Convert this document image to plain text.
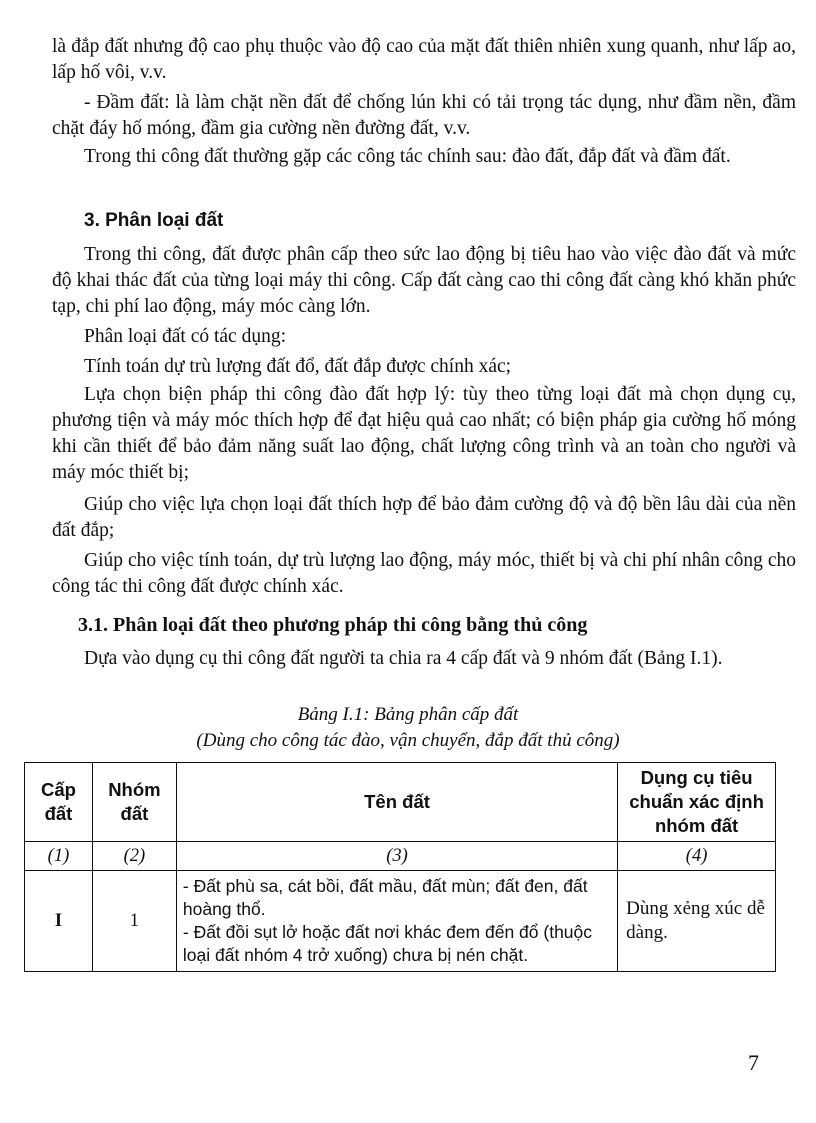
là đắp đất nhưng độ cao phụ thuộc vào độ cao của mặt đất thiên nhiên xung quanh, như lấp ao, lấp hố vôi, v.v.

- Đầm đất: là làm chặt nền đất để chống lún khi có tải trọng tác dụng, như đầm nền, đầm chặt đáy hố móng, đầm gia cường nền đường đất, v.v.

Trong thi công đất thường gặp các công tác chính sau: đào đất, đắp đất và đầm đất.

3. Phân loại đất

Trong thi công, đất được phân cấp theo sức lao động bị tiêu hao vào việc đào đất và mức độ khai thác đất của từng loại máy thi công. Cấp đất càng cao thi công đất càng khó khăn phức tạp, chi phí lao động, máy móc càng lớn.

Phân loại đất có tác dụng:

Tính toán dự trù lượng đất đổ, đất đắp được chính xác;

Lựa chọn biện pháp thi công đào đất hợp lý: tùy theo từng loại đất mà chọn dụng cụ, phương tiện và máy móc thích hợp để đạt hiệu quả cao nhất; có biện pháp gia cường hố móng khi cần thiết để bảo đảm năng suất lao động, chất lượng công trình và an toàn cho người và máy móc thiết bị;

Giúp cho việc lựa chọn loại đất thích hợp để bảo đảm cường độ và độ bền lâu dài của nền đất đắp;

Giúp cho việc tính toán, dự trù lượng lao động, máy móc, thiết bị và chi phí nhân công cho công tác thi công đất được chính xác.

3.1. Phân loại đất theo phương pháp thi công bằng thủ công

Dựa vào dụng cụ thi công đất người ta chia ra 4 cấp đất và 9 nhóm đất (Bảng I.1).

Bảng I.1: Bảng phân cấp đất

(Dùng cho công tác đào, vận chuyển, đắp đất thủ công)

Cấp đất	Nhóm đất	Tên đất	Dụng cụ tiêu chuẩn xác định nhóm đất
(1)	(2)	(3)	(4)
I	1	- Đất phù sa, cát bồi, đất mầu, đất mùn; đất đen, đất hoàng thổ.
- Đất đồi sụt lở hoặc đất nơi khác đem đến đổ (thuộc loại đất nhóm 4 trở xuống) chưa bị nén chặt.	Dùng xẻng xúc dễ dàng.

7
